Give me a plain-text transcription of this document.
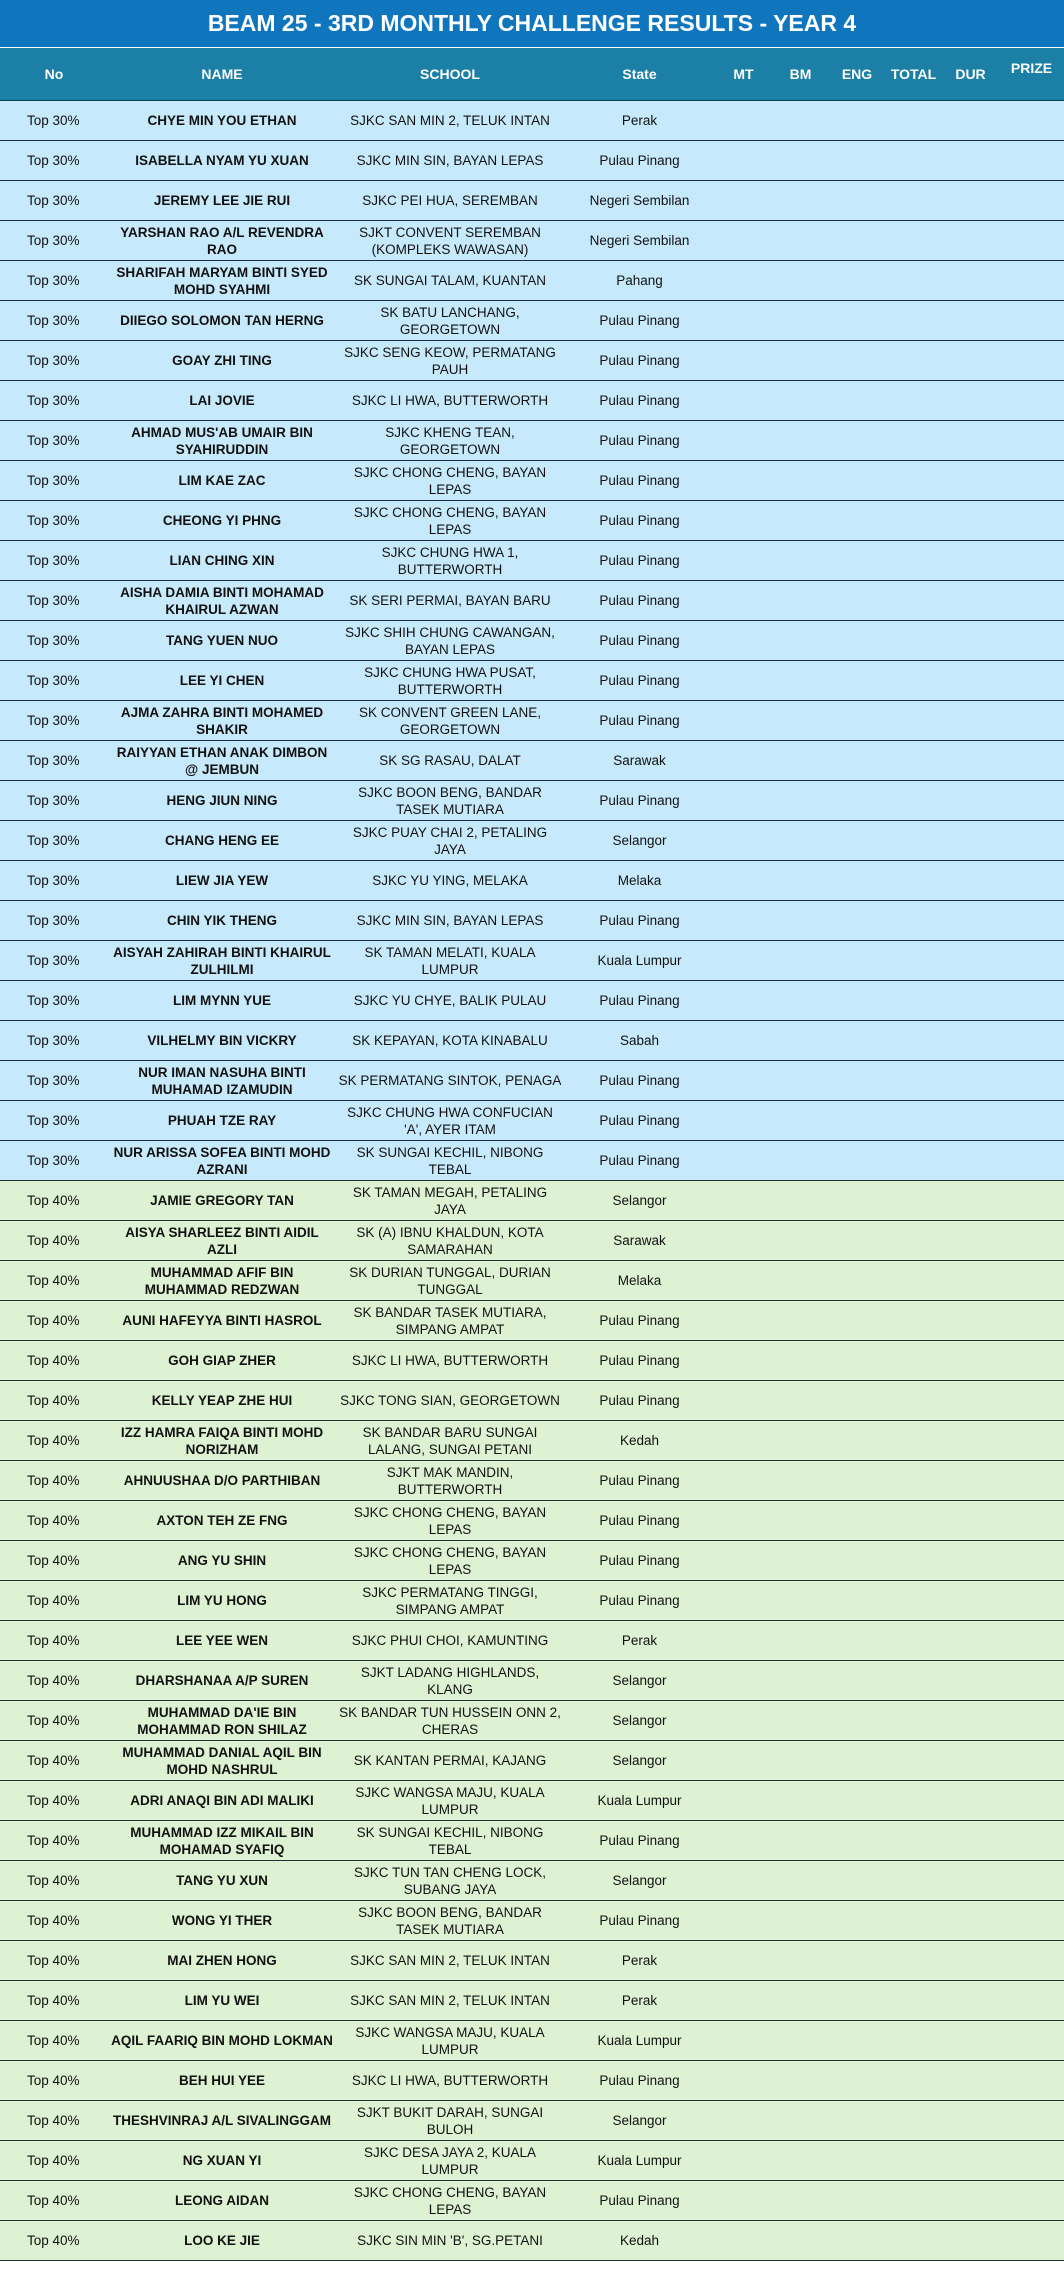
BEAM 25 - 3RD MONTHLY CHALLENGE RESULTS - YEAR 4
No	NAME	SCHOOL	State	MT	BM	ENG	TOTAL	DUR	PRIZE
Top 30%	CHYE MIN YOU ETHAN	SJKC SAN MIN 2, TELUK INTAN	Perak						
Top 30%	ISABELLA NYAM YU XUAN	SJKC MIN SIN, BAYAN LEPAS	Pulau Pinang						
Top 30%	JEREMY LEE JIE RUI	SJKC PEI HUA, SEREMBAN	Negeri Sembilan						
Top 30%	YARSHAN RAO A/L REVENDRA RAO	SJKT CONVENT SEREMBAN (KOMPLEKS WAWASAN)	Negeri Sembilan						
Top 30%	SHARIFAH MARYAM BINTI SYED MOHD SYAHMI	SK SUNGAI TALAM, KUANTAN	Pahang						
Top 30%	DIIEGO SOLOMON TAN HERNG	SK BATU LANCHANG, GEORGETOWN	Pulau Pinang						
Top 30%	GOAY ZHI TING	SJKC SENG KEOW, PERMATANG PAUH	Pulau Pinang						
Top 30%	LAI JOVIE	SJKC LI HWA, BUTTERWORTH	Pulau Pinang						
Top 30%	AHMAD MUS'AB UMAIR BIN SYAHIRUDDIN	SJKC KHENG TEAN, GEORGETOWN	Pulau Pinang						
Top 30%	LIM KAE ZAC	SJKC CHONG CHENG, BAYAN LEPAS	Pulau Pinang						
Top 30%	CHEONG YI PHNG	SJKC CHONG CHENG, BAYAN LEPAS	Pulau Pinang						
Top 30%	LIAN CHING XIN	SJKC CHUNG HWA 1, BUTTERWORTH	Pulau Pinang						
Top 30%	AISHA DAMIA BINTI MOHAMAD KHAIRUL AZWAN	SK SERI PERMAI, BAYAN BARU	Pulau Pinang						
Top 30%	TANG YUEN NUO	SJKC SHIH CHUNG CAWANGAN, BAYAN LEPAS	Pulau Pinang						
Top 30%	LEE YI CHEN	SJKC CHUNG HWA PUSAT, BUTTERWORTH	Pulau Pinang						
Top 30%	AJMA ZAHRA BINTI MOHAMED SHAKIR	SK CONVENT GREEN LANE, GEORGETOWN	Pulau Pinang						
Top 30%	RAIYYAN ETHAN ANAK DIMBON @ JEMBUN	SK SG RASAU, DALAT	Sarawak						
Top 30%	HENG JIUN NING	SJKC BOON BENG, BANDAR TASEK MUTIARA	Pulau Pinang						
Top 30%	CHANG HENG EE	SJKC PUAY CHAI 2, PETALING JAYA	Selangor						
Top 30%	LIEW JIA YEW	SJKC YU YING, MELAKA	Melaka						
Top 30%	CHIN YIK THENG	SJKC MIN SIN, BAYAN LEPAS	Pulau Pinang						
Top 30%	AISYAH ZAHIRAH BINTI KHAIRUL ZULHILMI	SK TAMAN MELATI, KUALA LUMPUR	Kuala Lumpur						
Top 30%	LIM MYNN YUE	SJKC YU CHYE, BALIK PULAU	Pulau Pinang						
Top 30%	VILHELMY BIN VICKRY	SK KEPAYAN, KOTA KINABALU	Sabah						
Top 30%	NUR IMAN NASUHA BINTI MUHAMAD IZAMUDIN	SK PERMATANG SINTOK, PENAGA	Pulau Pinang						
Top 30%	PHUAH TZE RAY	SJKC CHUNG HWA CONFUCIAN 'A', AYER ITAM	Pulau Pinang						
Top 30%	NUR ARISSA SOFEA BINTI MOHD AZRANI	SK SUNGAI KECHIL, NIBONG TEBAL	Pulau Pinang						
Top 40%	JAMIE GREGORY TAN	SK TAMAN MEGAH, PETALING JAYA	Selangor						
Top 40%	AISYA SHARLEEZ BINTI AIDIL AZLI	SK (A) IBNU KHALDUN, KOTA SAMARAHAN	Sarawak						
Top 40%	MUHAMMAD AFIF BIN MUHAMMAD REDZWAN	SK DURIAN TUNGGAL, DURIAN TUNGGAL	Melaka						
Top 40%	AUNI HAFEYYA BINTI HASROL	SK BANDAR TASEK MUTIARA, SIMPANG AMPAT	Pulau Pinang						
Top 40%	GOH GIAP ZHER	SJKC LI HWA, BUTTERWORTH	Pulau Pinang						
Top 40%	KELLY YEAP ZHE HUI	SJKC TONG SIAN, GEORGETOWN	Pulau Pinang						
Top 40%	IZZ HAMRA FAIQA BINTI MOHD NORIZHAM	SK BANDAR BARU SUNGAI LALANG, SUNGAI PETANI	Kedah						
Top 40%	AHNUUSHAA D/O PARTHIBAN	SJKT MAK MANDIN, BUTTERWORTH	Pulau Pinang						
Top 40%	AXTON TEH ZE FNG	SJKC CHONG CHENG, BAYAN LEPAS	Pulau Pinang						
Top 40%	ANG YU SHIN	SJKC CHONG CHENG, BAYAN LEPAS	Pulau Pinang						
Top 40%	LIM YU HONG	SJKC PERMATANG TINGGI, SIMPANG AMPAT	Pulau Pinang						
Top 40%	LEE YEE WEN	SJKC PHUI CHOI, KAMUNTING	Perak						
Top 40%	DHARSHANAA A/P SUREN	SJKT LADANG HIGHLANDS, KLANG	Selangor						
Top 40%	MUHAMMAD DA'IE BIN MOHAMMAD RON SHILAZ	SK BANDAR TUN HUSSEIN ONN 2, CHERAS	Selangor						
Top 40%	MUHAMMAD DANIAL AQIL BIN MOHD NASHRUL	SK KANTAN PERMAI, KAJANG	Selangor						
Top 40%	ADRI ANAQI BIN ADI MALIKI	SJKC WANGSA MAJU, KUALA LUMPUR	Kuala Lumpur						
Top 40%	MUHAMMAD IZZ MIKAIL BIN MOHAMAD SYAFIQ	SK SUNGAI KECHIL, NIBONG TEBAL	Pulau Pinang						
Top 40%	TANG YU XUN	SJKC TUN TAN CHENG LOCK, SUBANG JAYA	Selangor						
Top 40%	WONG YI THER	SJKC BOON BENG, BANDAR TASEK MUTIARA	Pulau Pinang						
Top 40%	MAI ZHEN HONG	SJKC SAN MIN 2, TELUK INTAN	Perak						
Top 40%	LIM YU WEI	SJKC SAN MIN 2, TELUK INTAN	Perak						
Top 40%	AQIL FAARIQ BIN MOHD LOKMAN	SJKC WANGSA MAJU, KUALA LUMPUR	Kuala Lumpur						
Top 40%	BEH HUI YEE	SJKC LI HWA, BUTTERWORTH	Pulau Pinang						
Top 40%	THESHVINRAJ A/L SIVALINGGAM	SJKT BUKIT DARAH, SUNGAI BULOH	Selangor						
Top 40%	NG XUAN YI	SJKC DESA JAYA 2, KUALA LUMPUR	Kuala Lumpur						
Top 40%	LEONG AIDAN	SJKC CHONG CHENG, BAYAN LEPAS	Pulau Pinang						
Top 40%	LOO KE JIE	SJKC SIN MIN 'B', SG.PETANI	Kedah						
